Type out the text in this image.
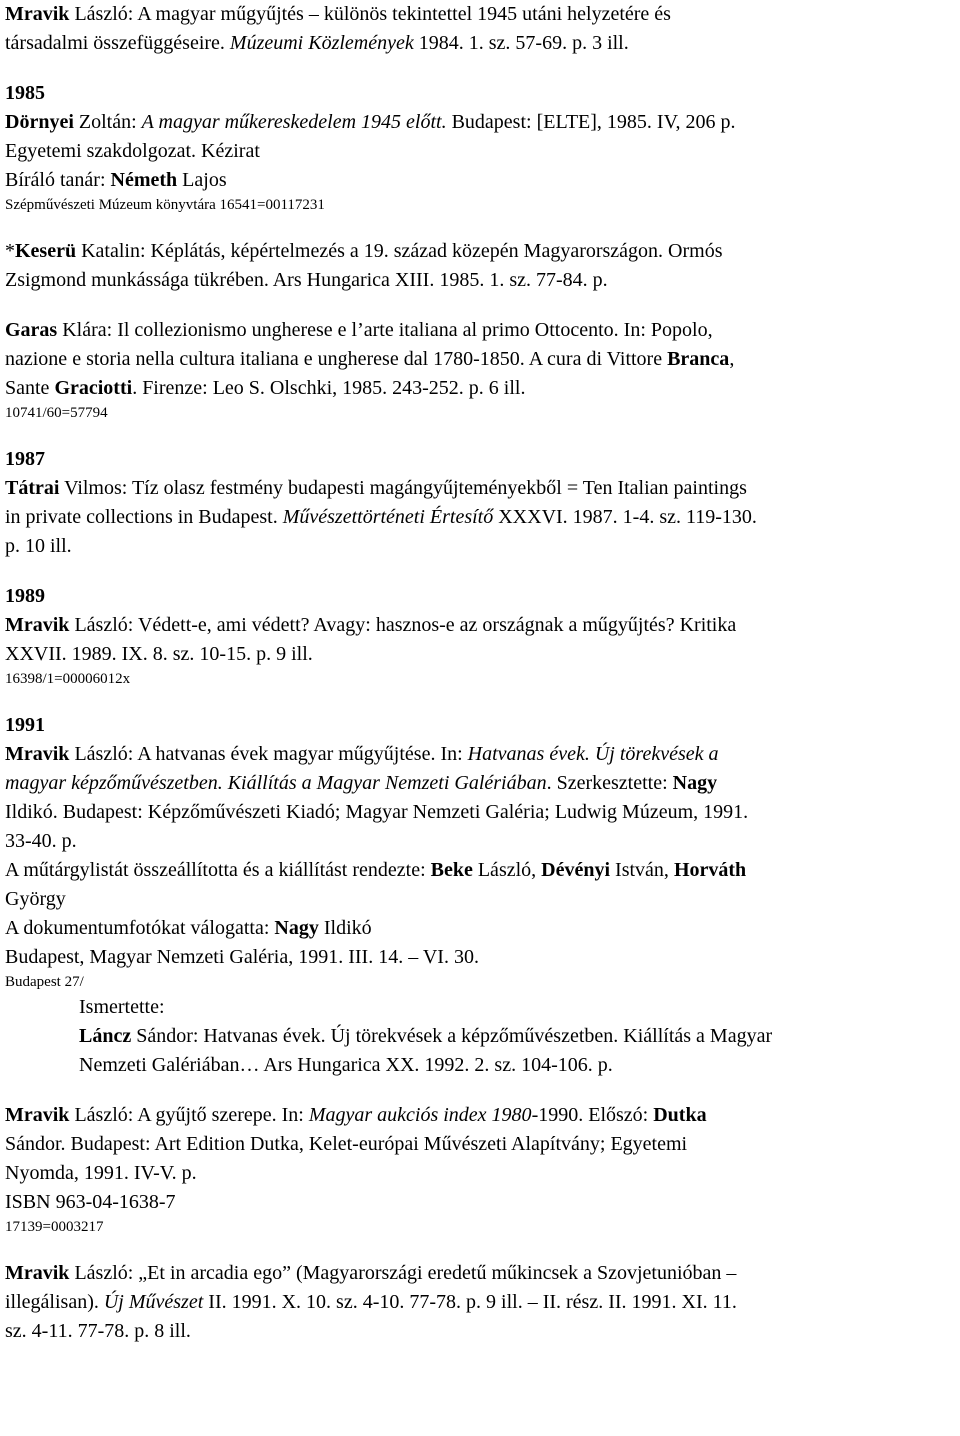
Mravik László: A magyar műgyűjtés – különös tekintettel 1945 utáni helyzetére és
társadalmi összefüggéseire. Múzeumi Közlemények 1984. 1. sz. 57-69. p. 3 ill.
1985
Dörnyei Zoltán: A magyar műkereskedelem 1945 előtt. Budapest: [ELTE], 1985. IV, 206 p.
Egyetemi szakdolgozat. Kézirat
Bíráló tanár: Németh Lajos
Szépművészeti Múzeum könyvtára 16541=00117231
*Keserü Katalin: Képlátás, képértelmezés a 19. század közepén Magyarországon. Ormós
Zsigmond munkássága tükrében. Ars Hungarica XIII. 1985. 1. sz. 77-84. p.
Garas Klára: Il collezionismo ungherese e l’arte italiana al primo Ottocento. In: Popolo,
nazione e storia nella cultura italiana e ungherese dal 1780-1850. A cura di Vittore Branca,
Sante Graciotti. Firenze: Leo S. Olschki, 1985. 243-252. p. 6 ill.
10741/60=57794
1987
Tátrai Vilmos: Tíz olasz festmény budapesti magángyűjteményekből = Ten Italian paintings
in private collections in Budapest. Művészettörténeti Értesítő XXXVI. 1987. 1-4. sz. 119-130.
p. 10 ill.
1989
Mravik László: Védett-e, ami védett? Avagy: hasznos-e az országnak a műgyűjtés? Kritika
XXVII. 1989. IX. 8. sz. 10-15. p. 9 ill.
16398/1=00006012x
1991
Mravik László: A hatvanas évek magyar műgyűjtése. In: Hatvanas évek. Új törekvések a
magyar képzőművészetben. Kiállítás a Magyar Nemzeti Galériában. Szerkesztette: Nagy
Ildikó. Budapest: Képzőművészeti Kiadó; Magyar Nemzeti Galéria; Ludwig Múzeum, 1991.
33-40. p.
A műtárgylistát összeállította és a kiállítást rendezte: Beke László, Dévényi István, Horváth
György
A dokumentumfotókat válogatta: Nagy Ildikó
Budapest, Magyar Nemzeti Galéria, 1991. III. 14. – VI. 30.
Budapest 27/
Ismertette:
Láncz Sándor: Hatvanas évek. Új törekvések a képzőművészetben. Kiállítás a Magyar
Nemzeti Galériában… Ars Hungarica XX. 1992. 2. sz. 104-106. p.
Mravik László: A gyűjtő szerepe. In: Magyar aukciós index 1980-1990. Előszó: Dutka
Sándor. Budapest: Art Edition Dutka, Kelet-európai Művészeti Alapítvány; Egyetemi
Nyomda, 1991. IV-V. p.
ISBN 963-04-1638-7
17139=0003217
Mravik László: „Et in arcadia ego” (Magyarországi eredetű műkincsek a Szovjetunióban –
illegálisan). Új Művészet II. 1991. X. 10. sz. 4-10. 77-78. p. 9 ill. – II. rész. II. 1991. XI. 11.
sz. 4-11. 77-78. p. 8 ill.
